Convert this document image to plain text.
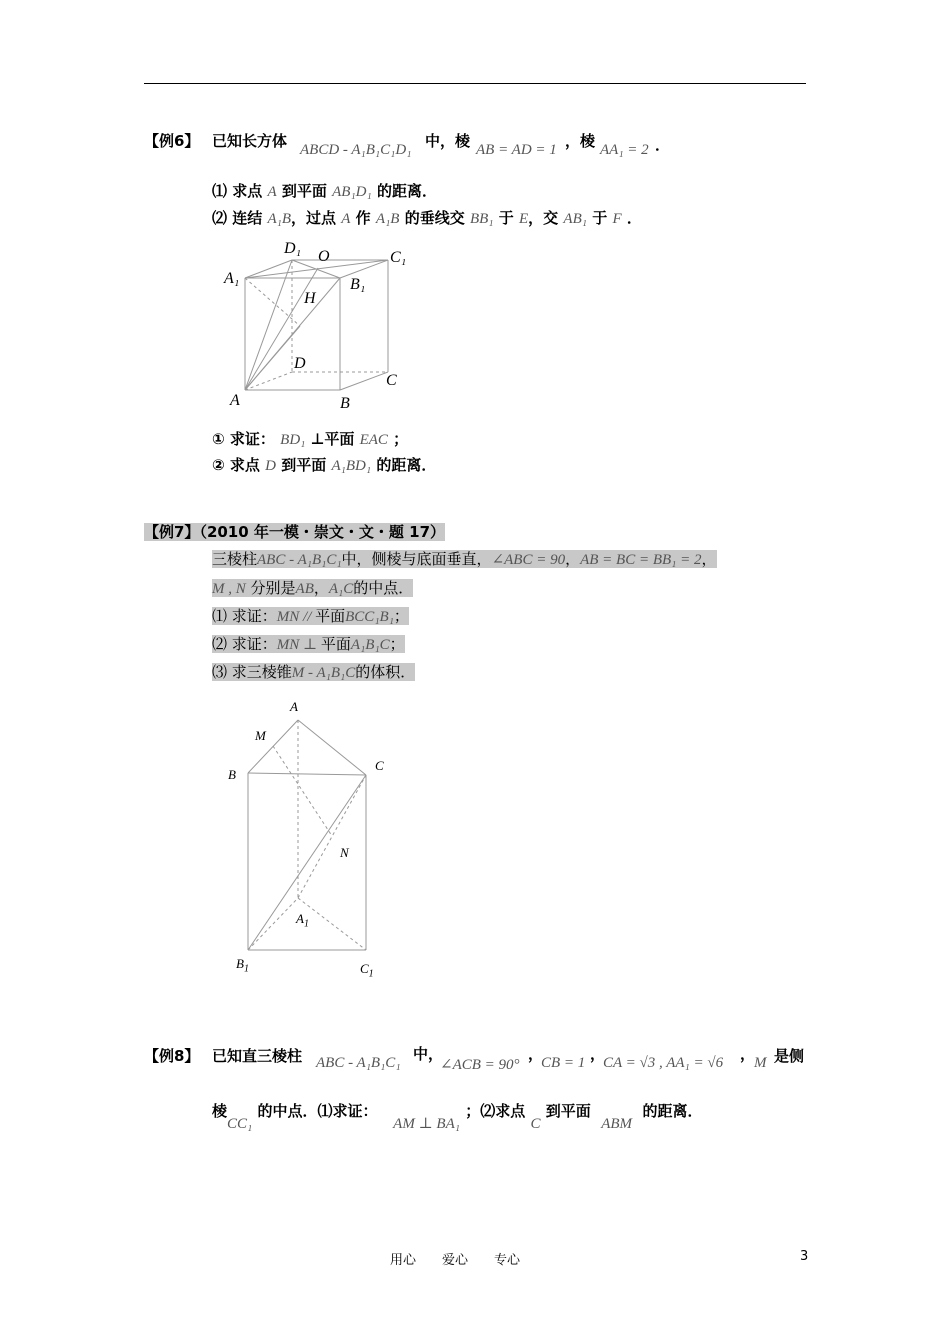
【例6】 已知长方体 ABCD - A₁B₁C₁D₁ 中，棱 AB = AD = 1 ，棱 AA₁ = 2 ．
⑴ 求点 A 到平面 AB₁D₁ 的距离．
⑵ 连结 A₁B，过点 A 作 A₁B 的垂线交 BB₁ 于 E，交 AB₁ 于 F ．
D₁ O	C₁
A₁	B₁
H
D
C
A	B
① 求证： BD₁ ⊥平面 EAC ；
② 求点 D 到平面 A₁BD₁ 的距离．
【例7】（2010 年一模・崇文・文・题 17）
三棱柱ABC - A₁B₁C₁中，侧棱与底面垂直，∠ABC = 90，AB = BC = BB₁ = 2，
M , N 分别是AB，A₁C的中点．
⑴ 求证：MN // 平面BCC₁B₁；
⑵ 求证：MN ⊥ 平面A₁B₁C；
⑶ 求三棱锥M - A₁B₁C的体积．
A
M
B
C
N
$A_1$
$B_1$	$C_1$
【例8】 已知直三棱柱 ABC - A₁B₁C₁ 中，
∠ACB = 90°
，
CB = 1 ，
CA = √3 , AA₁ = √6 ，
M 是侧
棱CC₁ 的中点．⑴求证：   AM ⊥ BA₁ ；⑵求点 C 到平面  ABM  的距离．
用心　　爱心　　专心	3
